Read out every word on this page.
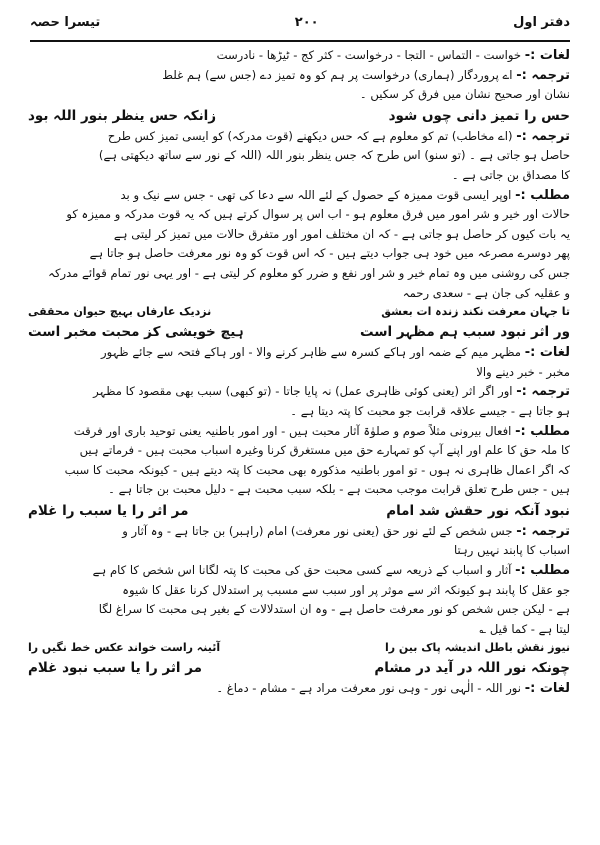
دفتر اول
۲۰۰
تیسرا حصہ
لغات :- خواست - التماس - التجا - درخواست - کثر کج - ٹیڑھا - نادرست
ترجمہ :- اے پروردگار (ہماری) درخواست پر ہم کو وہ تمیز دے (جس سے) ہم غلط
نشان اور صحیح نشان میں فرق کر سکیں ۔
حس را تمیز دانی چوں شود
زانکہ حس ینظر بنور اللہ بود
ترجمہ :- (اے مخاطب) تم کو معلوم ہے کہ حس دیکھنے (قوت مدرکہ) کو ایسی تمیز کس طرح
حاصل ہو جاتی ہے ۔ (تو سنو) اس طرح کہ جس ینظر بنور اللہ (اللہ کے نور سے ساتھ دیکھتی ہے)
کا مصداق بن جاتی ہے ۔
مطلب :- اوپر ایسی قوت ممیزہ کے حصول کے لئے اللہ سے دعا کی تھی - جس سے نیک و بد
حالات اور خیر و شر امور میں فرق معلوم ہو - اب اس پر سوال کرتے ہیں کہ یہ قوت مدرکہ و ممیزہ کو
یہ بات کیوں کر حاصل ہو جاتی ہے - کہ ان مختلف امور اور متفرق حالات میں تمیز کر لیتی ہے
پھر دوسرے مصرعہ میں خود ہی جواب دیتے ہیں - کہ اس قوت کو وہ نور معرفت حاصل ہو جاتا ہے
جس کی روشنی میں وہ تمام خیر و شر اور نفع و ضرر کو معلوم کر لیتی ہے - اور یہی نور تمام قوائے مدرکہ
و عقلیہ کی جان ہے - سعدی رحمہ
تا جہان معرفت نکند زندہ ات بعشق
نزدیک عارفاں بہیچ حیوان محققی
ور اثر نبود سبب ہم مظہر است
ہیچ خویشی کز محبت مخبر است
لغات :- مظہر میم کے ضمہ اور ہاکے کسرہ سے ظاہر کرنے والا - اور ہاکے فتحہ سے جائے ظہور
مخبر - خبر دینے والا
ترجمہ :- اور اگر اثر (یعنی کوئی ظاہری عمل) نہ پایا جاتا - (تو کبھی) سبب بھی مقصود کا مظہر
ہو جاتا ہے - جیسے علاقہ قرابت جو محبت کا پتہ دیتا ہے ۔
مطلب :- افعال بیرونی مثلاً صوم و صلوٰۃ آثار محبت ہیں - اور امور باطنیہ یعنی توحید باری اور فرقت
کا ملہ حق کا علم اور اپنے آپ کو تمہارے حق میں مستغرق کرنا وغیرہ اسباب محبت ہیں - فرماتے ہیں
کہ اگر اعمال ظاہری نہ ہوں - تو امور باطنیہ مذکورہ بھی محبت کا پتہ دیتے ہیں - کیونکہ محبت کا سبب
ہیں - جس طرح تعلق قرابت موجب محبت ہے - بلکہ سبب محبت ہے - دلیل محبت بن جاتا ہے ۔
نبود آنکہ نور حقش شد امام
مر اثر را یا سبب را غلام
ترجمہ :- جس شخص کے لئے نور حق (یعنی نور معرفت) امام (راہبر) بن جاتا ہے - وہ آثار و
اسباب کا پابند نہیں رہتا
مطلب :- آثار و اسباب کے ذریعہ سے کسی محبت حق کی محبت کا پتہ لگانا اس شخص کا کام ہے
جو عقل کا پابند ہو کیونکہ اثر سے موثر پر اور سبب سے مسبب پر استدلال کرنا عقل کا شیوہ
ہے - لیکن جس شخص کو نور معرفت حاصل ہے - وہ ان استدلالات کے بغیر ہی محبت کا سراغ لگا
لیتا ہے - کما قیل ؎
نیوز نقش باطل اندیشہ پاک بین را
آئینہ راست خواند عکس خط نگیں را
چونکہ نور اللہ در آید در مشام
مر اثر را یا سبب نبود غلام
لغات :- نور اللہ - الٰہی نور - وہی نور معرفت مراد ہے - مشام - دماغ ۔
